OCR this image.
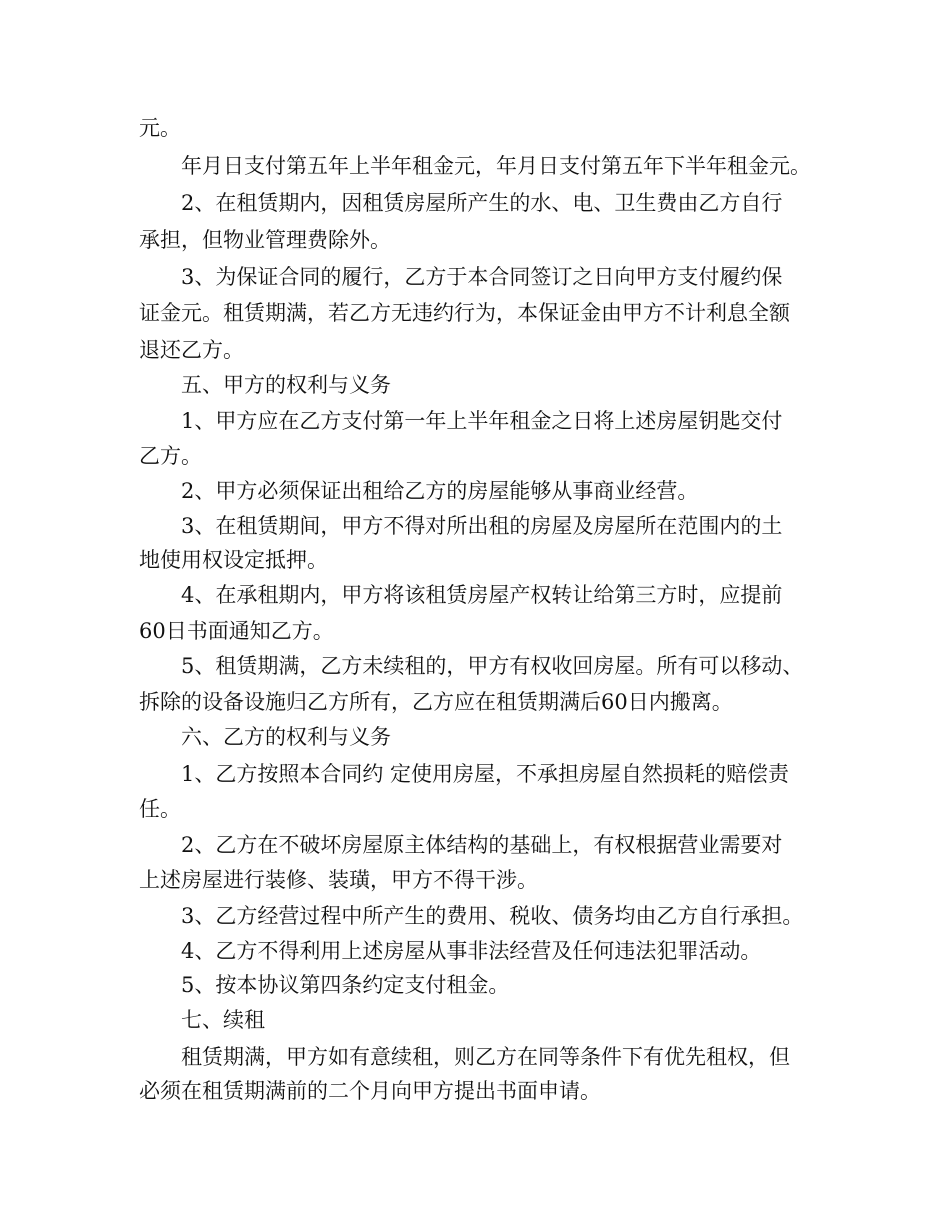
元。
年月日支付第五年上半年租金元，年月日支付第五年下半年租金元。
2、在租赁期内，因租赁房屋所产生的水、电、卫生费由乙方自行
承担，但物业管理费除外。
3、为保证合同的履行，乙方于本合同签订之日向甲方支付履约保
证金元。租赁期满，若乙方无违约行为，本保证金由甲方不计利息全额
退还乙方。
五、甲方的权利与义务
1、甲方应在乙方支付第一年上半年租金之日将上述房屋钥匙交付
乙方。
2、甲方必须保证出租给乙方的房屋能够从事商业经营。
3、在租赁期间，甲方不得对所出租的房屋及房屋所在范围内的土
地使用权设定抵押。
4、在承租期内，甲方将该租赁房屋产权转让给第三方时，应提前
60日书面通知乙方。
5、租赁期满，乙方未续租的，甲方有权收回房屋。所有可以移动、
拆除的设备设施归乙方所有，乙方应在租赁期满后60日内搬离。
六、乙方的权利与义务
1、乙方按照本合同约 定使用房屋，不承担房屋自然损耗的赔偿责
任。
2、乙方在不破坏房屋原主体结构的基础上，有权根据营业需要对
上述房屋进行装修、装璜，甲方不得干涉。
3、乙方经营过程中所产生的费用、税收、债务均由乙方自行承担。
4、乙方不得利用上述房屋从事非法经营及任何违法犯罪活动。
5、按本协议第四条约定支付租金。
七、续租
租赁期满，甲方如有意续租，则乙方在同等条件下有优先租权，但
必须在租赁期满前的二个月向甲方提出书面申请。
